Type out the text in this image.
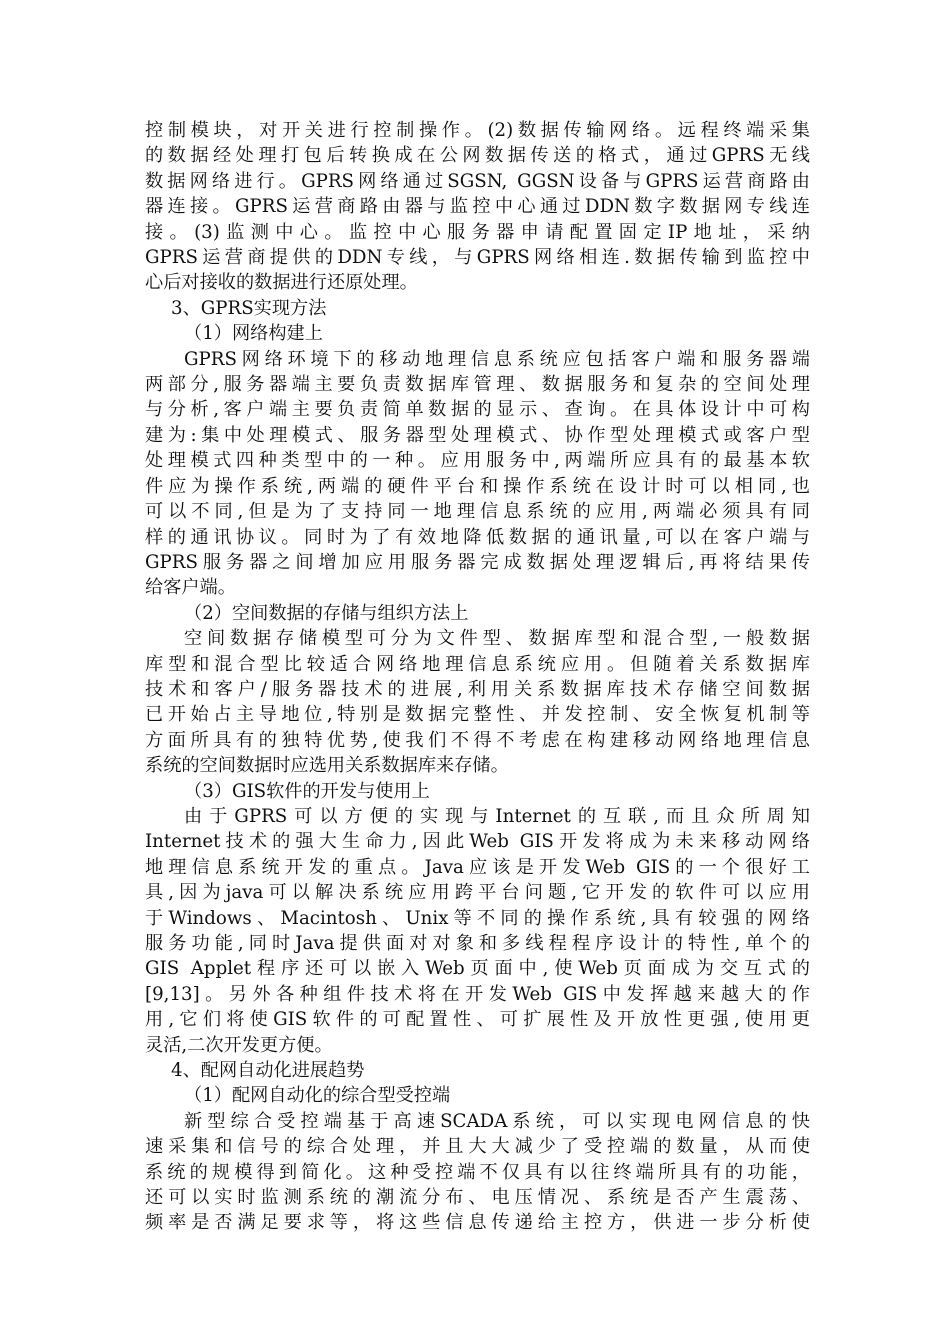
控制模块，对开关进行控制操作。(2)数据传输网络。远程终端采集
的数据经处理打包后转换成在公网数据传送的格式，通过GPRS无线
数据网络进行。GPRS网络通过SGSN, GGSN设备与GPRS运营商路由
器连接。GPRS运营商路由器与监控中心通过DDN数字数据网专线连
接。(3)监测中心。监控中心服务器申请配置固定IP地址，采纳
GPRS运营商提供的DDN专线，与GPRS网络相连.数据传输到监控中
心后对接收的数据进行还原处理。
3、GPRS实现方法
（1）网络构建上
GPRS网络环境下的移动地理信息系统应包括客户端和服务器端
两部分,服务器端主要负责数据库管理、数据服务和复杂的空间处理
与分析,客户端主要负责简单数据的显示、查询。在具体设计中可构
建为:集中处理模式、服务器型处理模式、协作型处理模式或客户型
处理模式四种类型中的一种。应用服务中,两端所应具有的最基本软
件应为操作系统,两端的硬件平台和操作系统在设计时可以相同,也
可以不同,但是为了支持同一地理信息系统的应用,两端必须具有同
样的通讯协议。同时为了有效地降低数据的通讯量,可以在客户端与
GPRS服务器之间增加应用服务器完成数据处理逻辑后,再将结果传
给客户端。
（2）空间数据的存储与组织方法上
空间数据存储模型可分为文件型、数据库型和混合型,一般数据
库型和混合型比较适合网络地理信息系统应用。但随着关系数据库
技术和客户/服务器技术的进展,利用关系数据库技术存储空间数据
已开始占主导地位,特别是数据完整性、并发控制、安全恢复机制等
方面所具有的独特优势,使我们不得不考虑在构建移动网络地理信息
系统的空间数据时应选用关系数据库来存储。
（3）GIS软件的开发与使用上
由于GPRS可以方便的实现与Internet的互联,而且众所周知
Internet技术的强大生命力,因此Web GIS开发将成为未来移动网络
地理信息系统开发的重点。Java应该是开发Web GIS的一个很好工
具,因为java可以解决系统应用跨平台问题,它开发的软件可以应用
于Windows、Macintosh、Unix等不同的操作系统,具有较强的网络
服务功能,同时Java提供面对对象和多线程程序设计的特性,单个的
GIS Applet程序还可以嵌入Web页面中,使Web页面成为交互式的
[9,13]。另外各种组件技术将在开发Web GIS中发挥越来越大的作
用,它们将使GIS软件的可配置性、可扩展性及开放性更强,使用更
灵活,二次开发更方便。
4、配网自动化进展趋势
（1）配网自动化的综合型受控端
新型综合受控端基于高速SCADA系统，可以实现电网信息的快
速采集和信号的综合处理，并且大大减少了受控端的数量，从而使
系统的规模得到简化。这种受控端不仅具有以往终端所具有的功能，
还可以实时监测系统的潮流分布、电压情况、系统是否产生震荡、
频率是否满足要求等，将这些信息传递给主控方，供进一步分析使
